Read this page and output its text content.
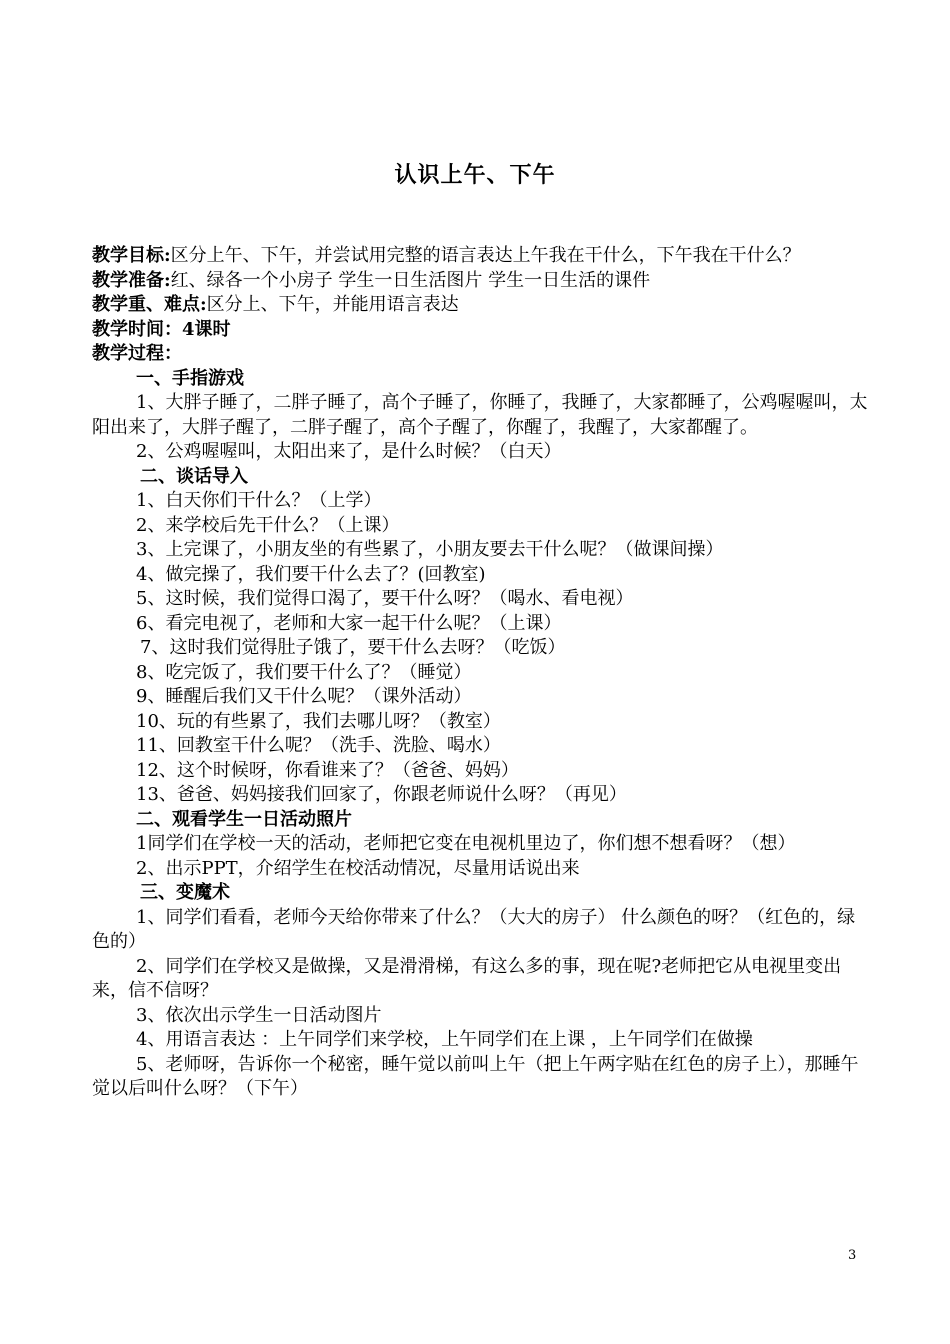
认识上午、下午

教学目标:区分上午、下午，并尝试用完整的语言表达上午我在干什么，下午我在干什么？

教学准备:红、绿各一个小房子 学生一日生活图片 学生一日生活的课件

教学重、难点:区分上、下午，并能用语言表达

教学时间：4课时

教学过程：

一、手指游戏

1、大胖子睡了，二胖子睡了，高个子睡了，你睡了，我睡了，大家都睡了，公鸡喔喔叫，太阳出来了，大胖子醒了，二胖子醒了，高个子醒了，你醒了，我醒了，大家都醒了。

2、公鸡喔喔叫，太阳出来了，是什么时候？（白天）

二、谈话导入

1、白天你们干什么？（上学）

2、来学校后先干什么？（上课）

3、上完课了，小朋友坐的有些累了，小朋友要去干什么呢？（做课间操）

4、做完操了，我们要干什么去了？(回教室)

5、这时候，我们觉得口渴了，要干什么呀？（喝水、看电视）

6、看完电视了，老师和大家一起干什么呢？（上课）

7、这时我们觉得肚子饿了，要干什么去呀？（吃饭）

8、吃完饭了，我们要干什么了？（睡觉）

9、睡醒后我们又干什么呢？（课外活动）

10、玩的有些累了，我们去哪儿呀？（教室）

11、回教室干什么呢？（洗手、洗脸、喝水）

12、这个时候呀，你看谁来了？（爸爸、妈妈）

13、爸爸、妈妈接我们回家了，你跟老师说什么呀？（再见）

二、观看学生一日活动照片

1同学们在学校一天的活动，老师把它变在电视机里边了，你们想不想看呀？（想）

2、出示PPT，介绍学生在校活动情况，尽量用话说出来

三、变魔术

1、同学们看看，老师今天给你带来了什么？（大大的房子） 什么颜色的呀？（红色的，绿色的）

2、同学们在学校又是做操，又是滑滑梯，有这么多的事，现在呢?老师把它从电视里变出来，信不信呀？

3、依次出示学生一日活动图片

4、用语言表达 ：上午同学们来学校，上午同学们在上课 ，上午同学们在做操

5、老师呀，告诉你一个秘密，睡午觉以前叫上午（把上午两字贴在红色的房子上），那睡午觉以后叫什么呀？（下午）

3
